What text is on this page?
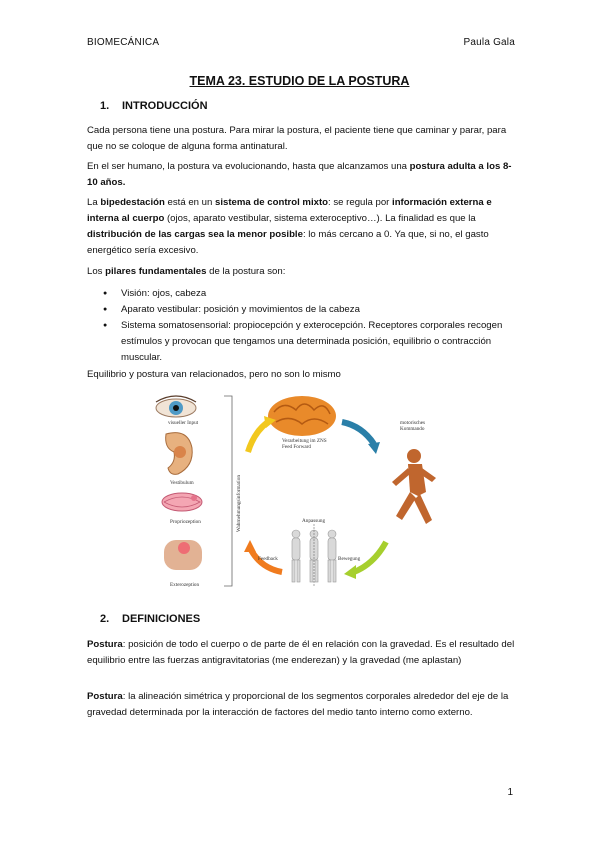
BIOMECÁNICA	Paula Gala
TEMA 23. ESTUDIO DE LA POSTURA
1. INTRODUCCIÓN
Cada persona tiene una postura. Para mirar la postura, el paciente tiene que caminar y parar, para que no se coloque de alguna forma antinatural.
En el ser humano, la postura va evolucionando, hasta que alcanzamos una postura adulta a los 8-10 años.
La bipedestación está en un sistema de control mixto: se regula por información externa e interna al cuerpo (ojos, aparato vestibular, sistema exteroceptivo…). La finalidad es que la distribución de las cargas sea la menor posible: lo más cercano a 0. Ya que, si no, el gasto energético sería excesivo.
Los pilares fundamentales de la postura son:
● Visión: ojos, cabeza
● Aparato vestibular: posición y movimientos de la cabeza
● Sistema somatosensorial: propiocepción y exterocepción. Receptores corporales recogen estímulos y provocan que tengamos una determinada posición, equilibrio o contracción muscular.
Equilibrio y postura van relacionados, pero no son lo mismo
visueller Input
Vestibulum
Propriozeption
Exterozeption
Wahrnehmungsinformation
Verarbeitung im ZNS
Feed Forward
motorisches
Kommando
Bewegung
Anpassung
Feedback
2. DEFINICIONES
Postura: posición de todo el cuerpo o de parte de él en relación con la gravedad. Es el resultado del equilibrio entre las fuerzas antigravitatorias (me enderezan) y la gravedad (me aplastan)
Postura: la alineación simétrica y proporcional de los segmentos corporales alrededor del eje de la gravedad determinada por la interacción de factores del medio tanto interno como externo.
1
